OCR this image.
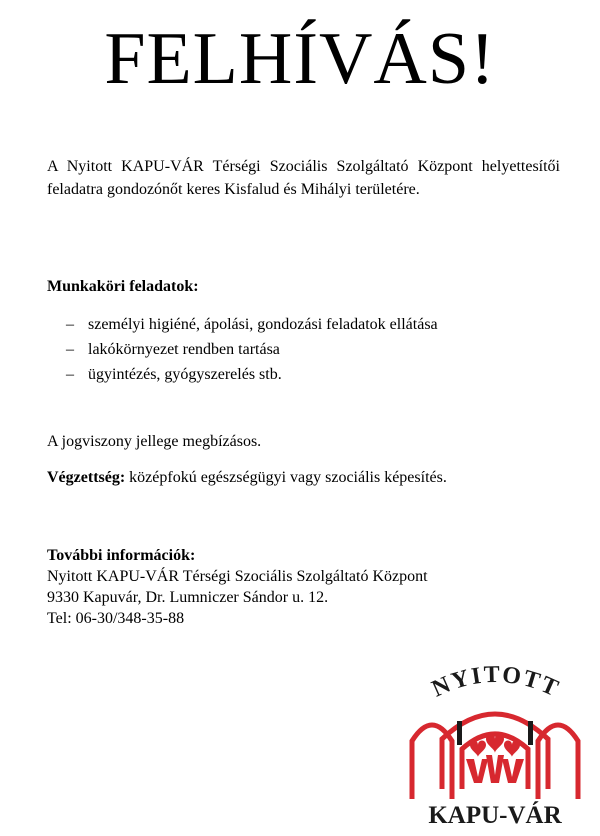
FELHÍVÁS!

A Nyitott KAPU-VÁR Térségi Szociális Szolgáltató Központ helyettesítői feladatra gondozónőt keres Kisfalud és Mihályi területére.

Munkaköri feladatok:

– személyi higiéné, ápolási, gondozási feladatok ellátása
– lakókörnyezet rendben tartása
– ügyintézés, gyógyszerelés stb.

A jogviszony jellege megbízásos.

Végzettség: középfokú egészségügyi vagy szociális képesítés.

További információk:
Nyitott KAPU-VÁR Térségi Szociális Szolgáltató Központ
9330 Kapuvár, Dr. Lumniczer Sándor u. 12.
Tel: 06-30/348-35-88

NYITOTT
KAPU-VÁR
